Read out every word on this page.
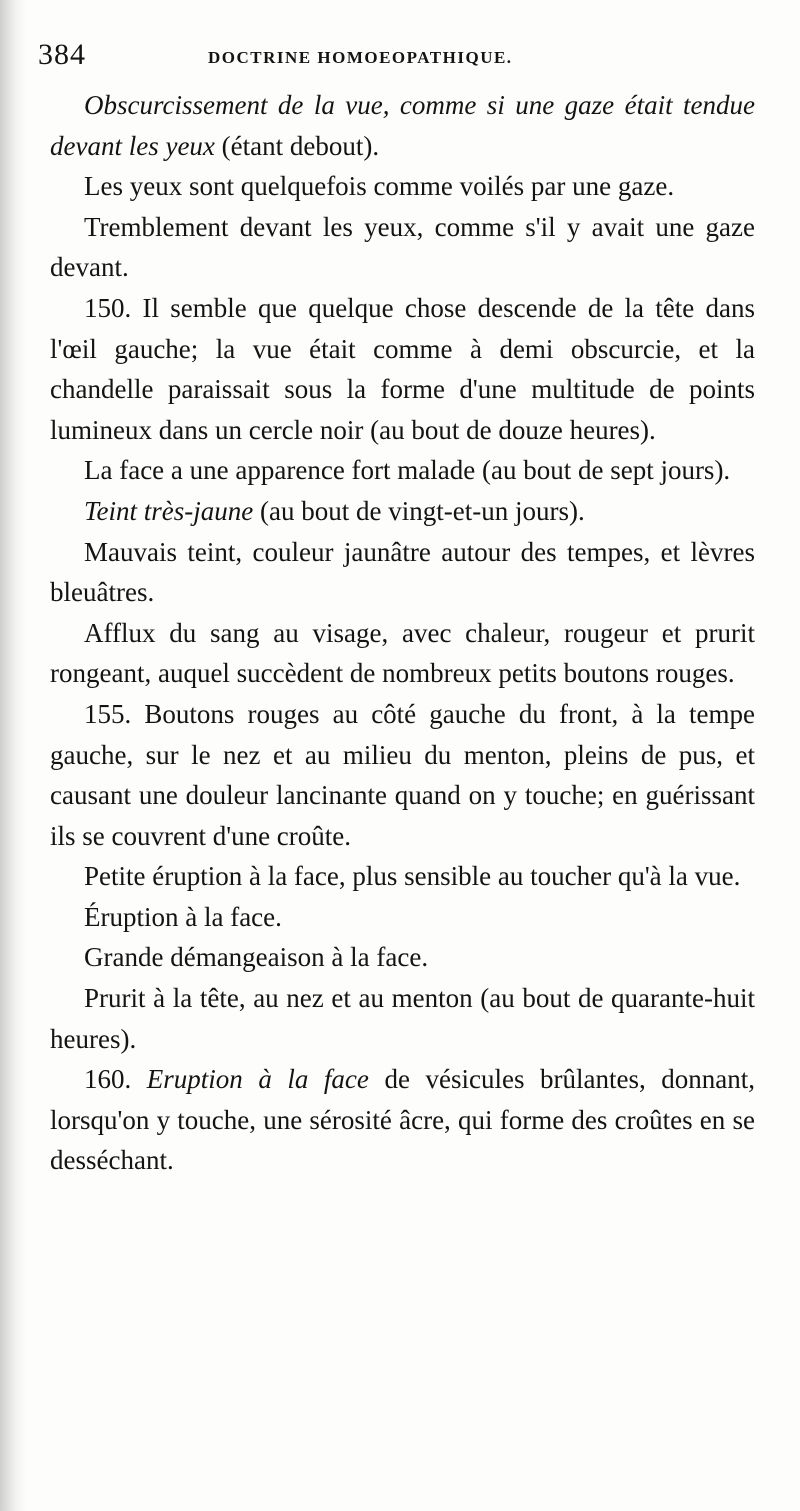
384	DOCTRINE HOMOEOPATHIQUE.

Obscurcissement de la vue, comme si une gaze était tendue devant les yeux (étant debout).

Les yeux sont quelquefois comme voilés par une gaze.

Tremblement devant les yeux, comme s'il y avait une gaze devant.

150. Il semble que quelque chose descende de la tête dans l'œil gauche; la vue était comme à demi obscurcie, et la chandelle paraissait sous la forme d'une multitude de points lumineux dans un cercle noir (au bout de douze heures).

La face a une apparence fort malade (au bout de sept jours).

Teint très-jaune (au bout de vingt-et-un jours).

Mauvais teint, couleur jaunâtre autour des tempes, et lèvres bleuâtres.

Afflux du sang au visage, avec chaleur, rougeur et prurit rongeant, auquel succèdent de nombreux petits boutons rouges.

155. Boutons rouges au côté gauche du front, à la tempe gauche, sur le nez et au milieu du menton, pleins de pus, et causant une douleur lancinante quand on y touche; en guérissant ils se couvrent d'une croûte.

Petite éruption à la face, plus sensible au toucher qu'à la vue.

Éruption à la face.

Grande démangeaison à la face.

Prurit à la tête, au nez et au menton (au bout de quarante-huit heures).

160. Eruption à la face de vésicules brûlantes, donnant, lorsqu'on y touche, une sérosité âcre, qui forme des croûtes en se desséchant.
